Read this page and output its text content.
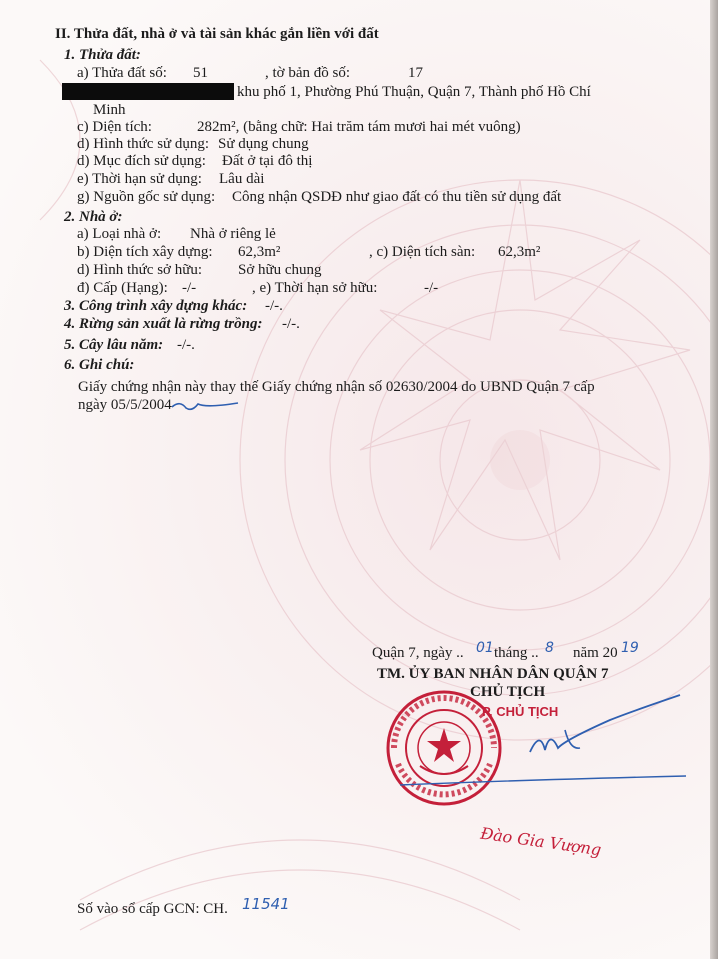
II. Thửa đất, nhà ở và tài sản khác gắn liền với đất
1. Thửa đất:
a) Thửa đất số: 51	, tờ bản đồ số:	17
khu phố 1, Phường Phú Thuận, Quận 7, Thành phố Hồ Chí
Minh
c) Diện tích:	282m², (bằng chữ: Hai trăm tám mươi hai mét vuông)
d) Hình thức sử dụng: Sử dụng chung
d) Mục đích sử dụng: Đất ở tại đô thị
e) Thời hạn sử dụng: Lâu dài
g) Nguồn gốc sử dụng: Công nhận QSDĐ như giao đất có thu tiền sử dụng đất
2. Nhà ở:
a) Loại nhà ở: Nhà ở riêng lẻ
b) Diện tích xây dựng: 62,3m²	, c) Diện tích sàn: 62,3m²
d) Hình thức sở hữu: Sở hữu chung
đ) Cấp (Hạng): -/-	, e) Thời hạn sở hữu:	-/-
3. Công trình xây dựng khác: -/-.
4. Rừng sản xuất là rừng trồng: -/-.
5. Cây lâu năm: -/-.
6. Ghi chú:
Giấy chứng nhận này thay thế Giấy chứng nhận số 02630/2004 do UBND Quận 7 cấp
ngày 05/5/2004
Quận 7, ngày .. 01 tháng .. 8 năm 20 19
TM. ỦY BAN NHÂN DÂN QUẬN 7
CHỦ TỊCH
P. CHỦ TỊCH
Đào Gia Vượng
Số vào sổ cấp GCN: CH. 11541
